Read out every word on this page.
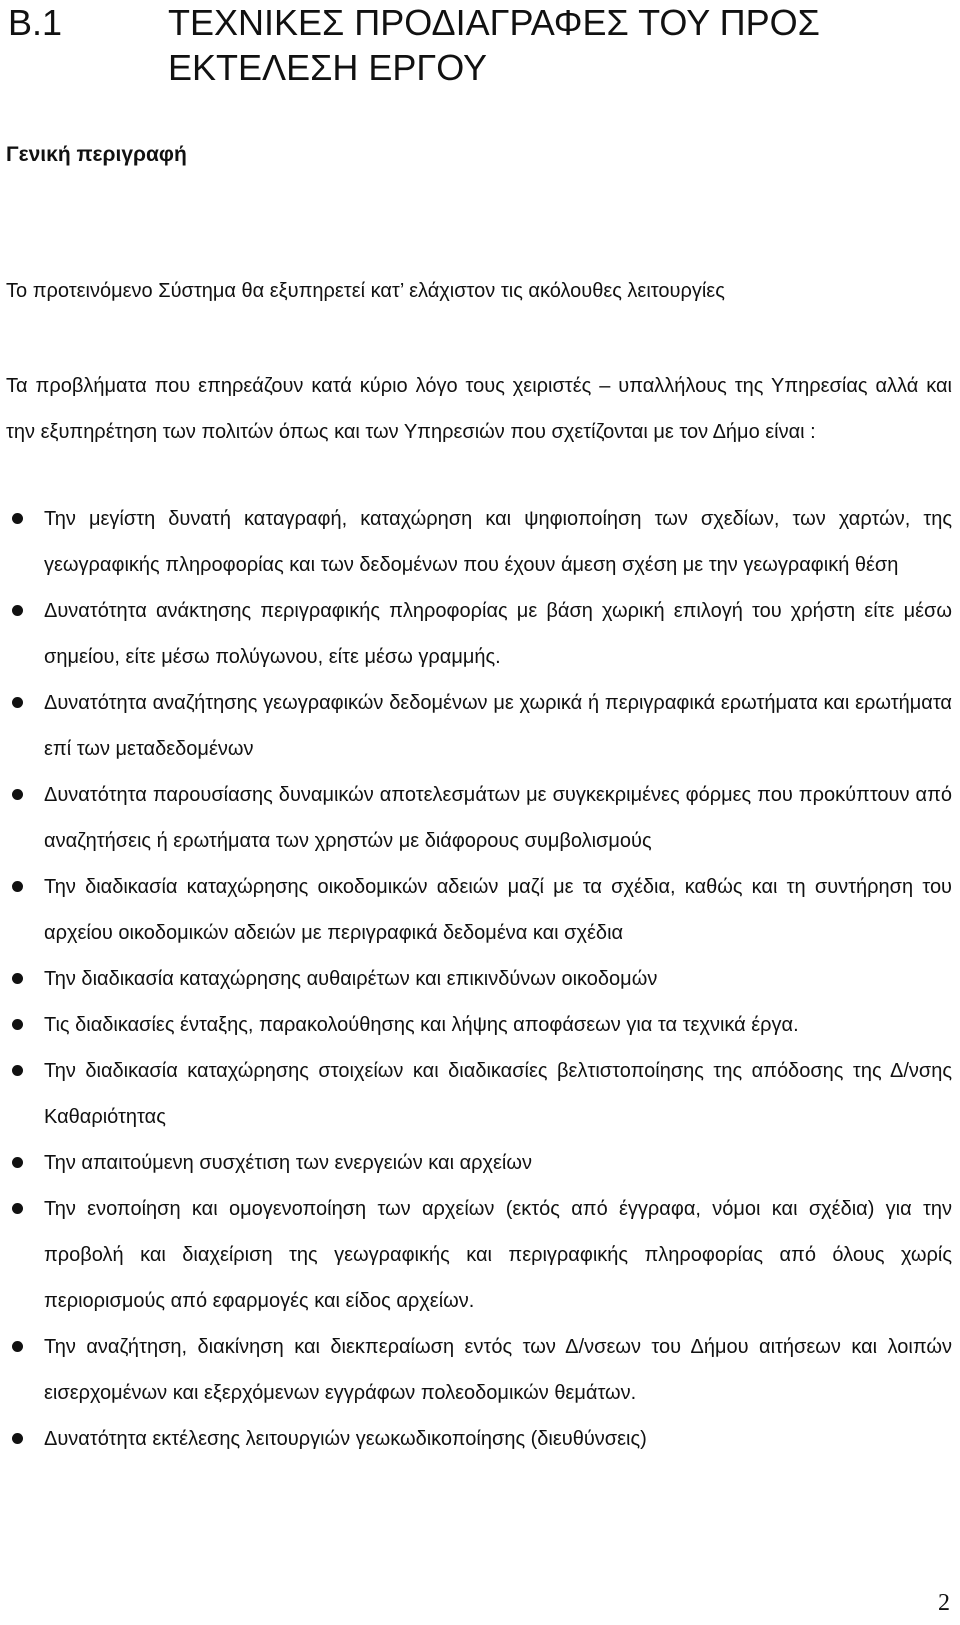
Β.1	ΤΕΧΝΙΚΕΣ ΠΡΟΔΙΑΓΡΑΦΕΣ ΤΟΥ ΠΡΟΣ ΕΚΤΕΛΕΣΗ ΕΡΓΟΥ
Γενική περιγραφή
Το προτεινόμενο Σύστημα θα εξυπηρετεί κατ’ ελάχιστον τις ακόλουθες λειτουργίες
Τα προβλήματα που επηρεάζουν κατά κύριο λόγο τους χειριστές – υπαλλήλους της Υπηρεσίας αλλά και την εξυπηρέτηση των πολιτών όπως και των Υπηρεσιών που σχετίζονται με τον Δήμο είναι :
Την μεγίστη δυνατή καταγραφή, καταχώρηση και ψηφιοποίηση των σχεδίων, των χαρτών, της γεωγραφικής πληροφορίας και των δεδομένων που έχουν άμεση σχέση με την γεωγραφική θέση
Δυνατότητα ανάκτησης περιγραφικής πληροφορίας με βάση χωρική επιλογή του χρήστη είτε μέσω σημείου, είτε μέσω πολύγωνου, είτε μέσω γραμμής.
Δυνατότητα αναζήτησης γεωγραφικών δεδομένων με χωρικά ή περιγραφικά ερωτήματα και ερωτήματα επί των μεταδεδομένων
Δυνατότητα παρουσίασης δυναμικών αποτελεσμάτων με συγκεκριμένες φόρμες που προκύπτουν από αναζητήσεις ή ερωτήματα των χρηστών με διάφορους συμβολισμούς
Την διαδικασία καταχώρησης οικοδομικών αδειών μαζί με τα σχέδια, καθώς και τη συντήρηση του αρχείου οικοδομικών αδειών με περιγραφικά δεδομένα και σχέδια
Την διαδικασία καταχώρησης αυθαιρέτων και επικινδύνων οικοδομών
Τις διαδικασίες ένταξης, παρακολούθησης και λήψης αποφάσεων για τα τεχνικά έργα.
Την διαδικασία καταχώρησης στοιχείων και διαδικασίες βελτιστοποίησης της απόδοσης της Δ/νσης Καθαριότητας
Την απαιτούμενη συσχέτιση των ενεργειών και αρχείων
Την ενοποίηση και ομογενοποίηση των αρχείων (εκτός από έγγραφα, νόμοι και σχέδια) για την προβολή και διαχείριση της γεωγραφικής και περιγραφικής πληροφορίας από όλους χωρίς περιορισμούς από εφαρμογές και είδος αρχείων.
Την αναζήτηση, διακίνηση και διεκπεραίωση εντός των Δ/νσεων του Δήμου αιτήσεων και λοιπών εισερχομένων και εξερχόμενων εγγράφων πολεοδομικών θεμάτων.
Δυνατότητα εκτέλεσης λειτουργιών γεωκωδικοποίησης (διευθύνσεις)
2
